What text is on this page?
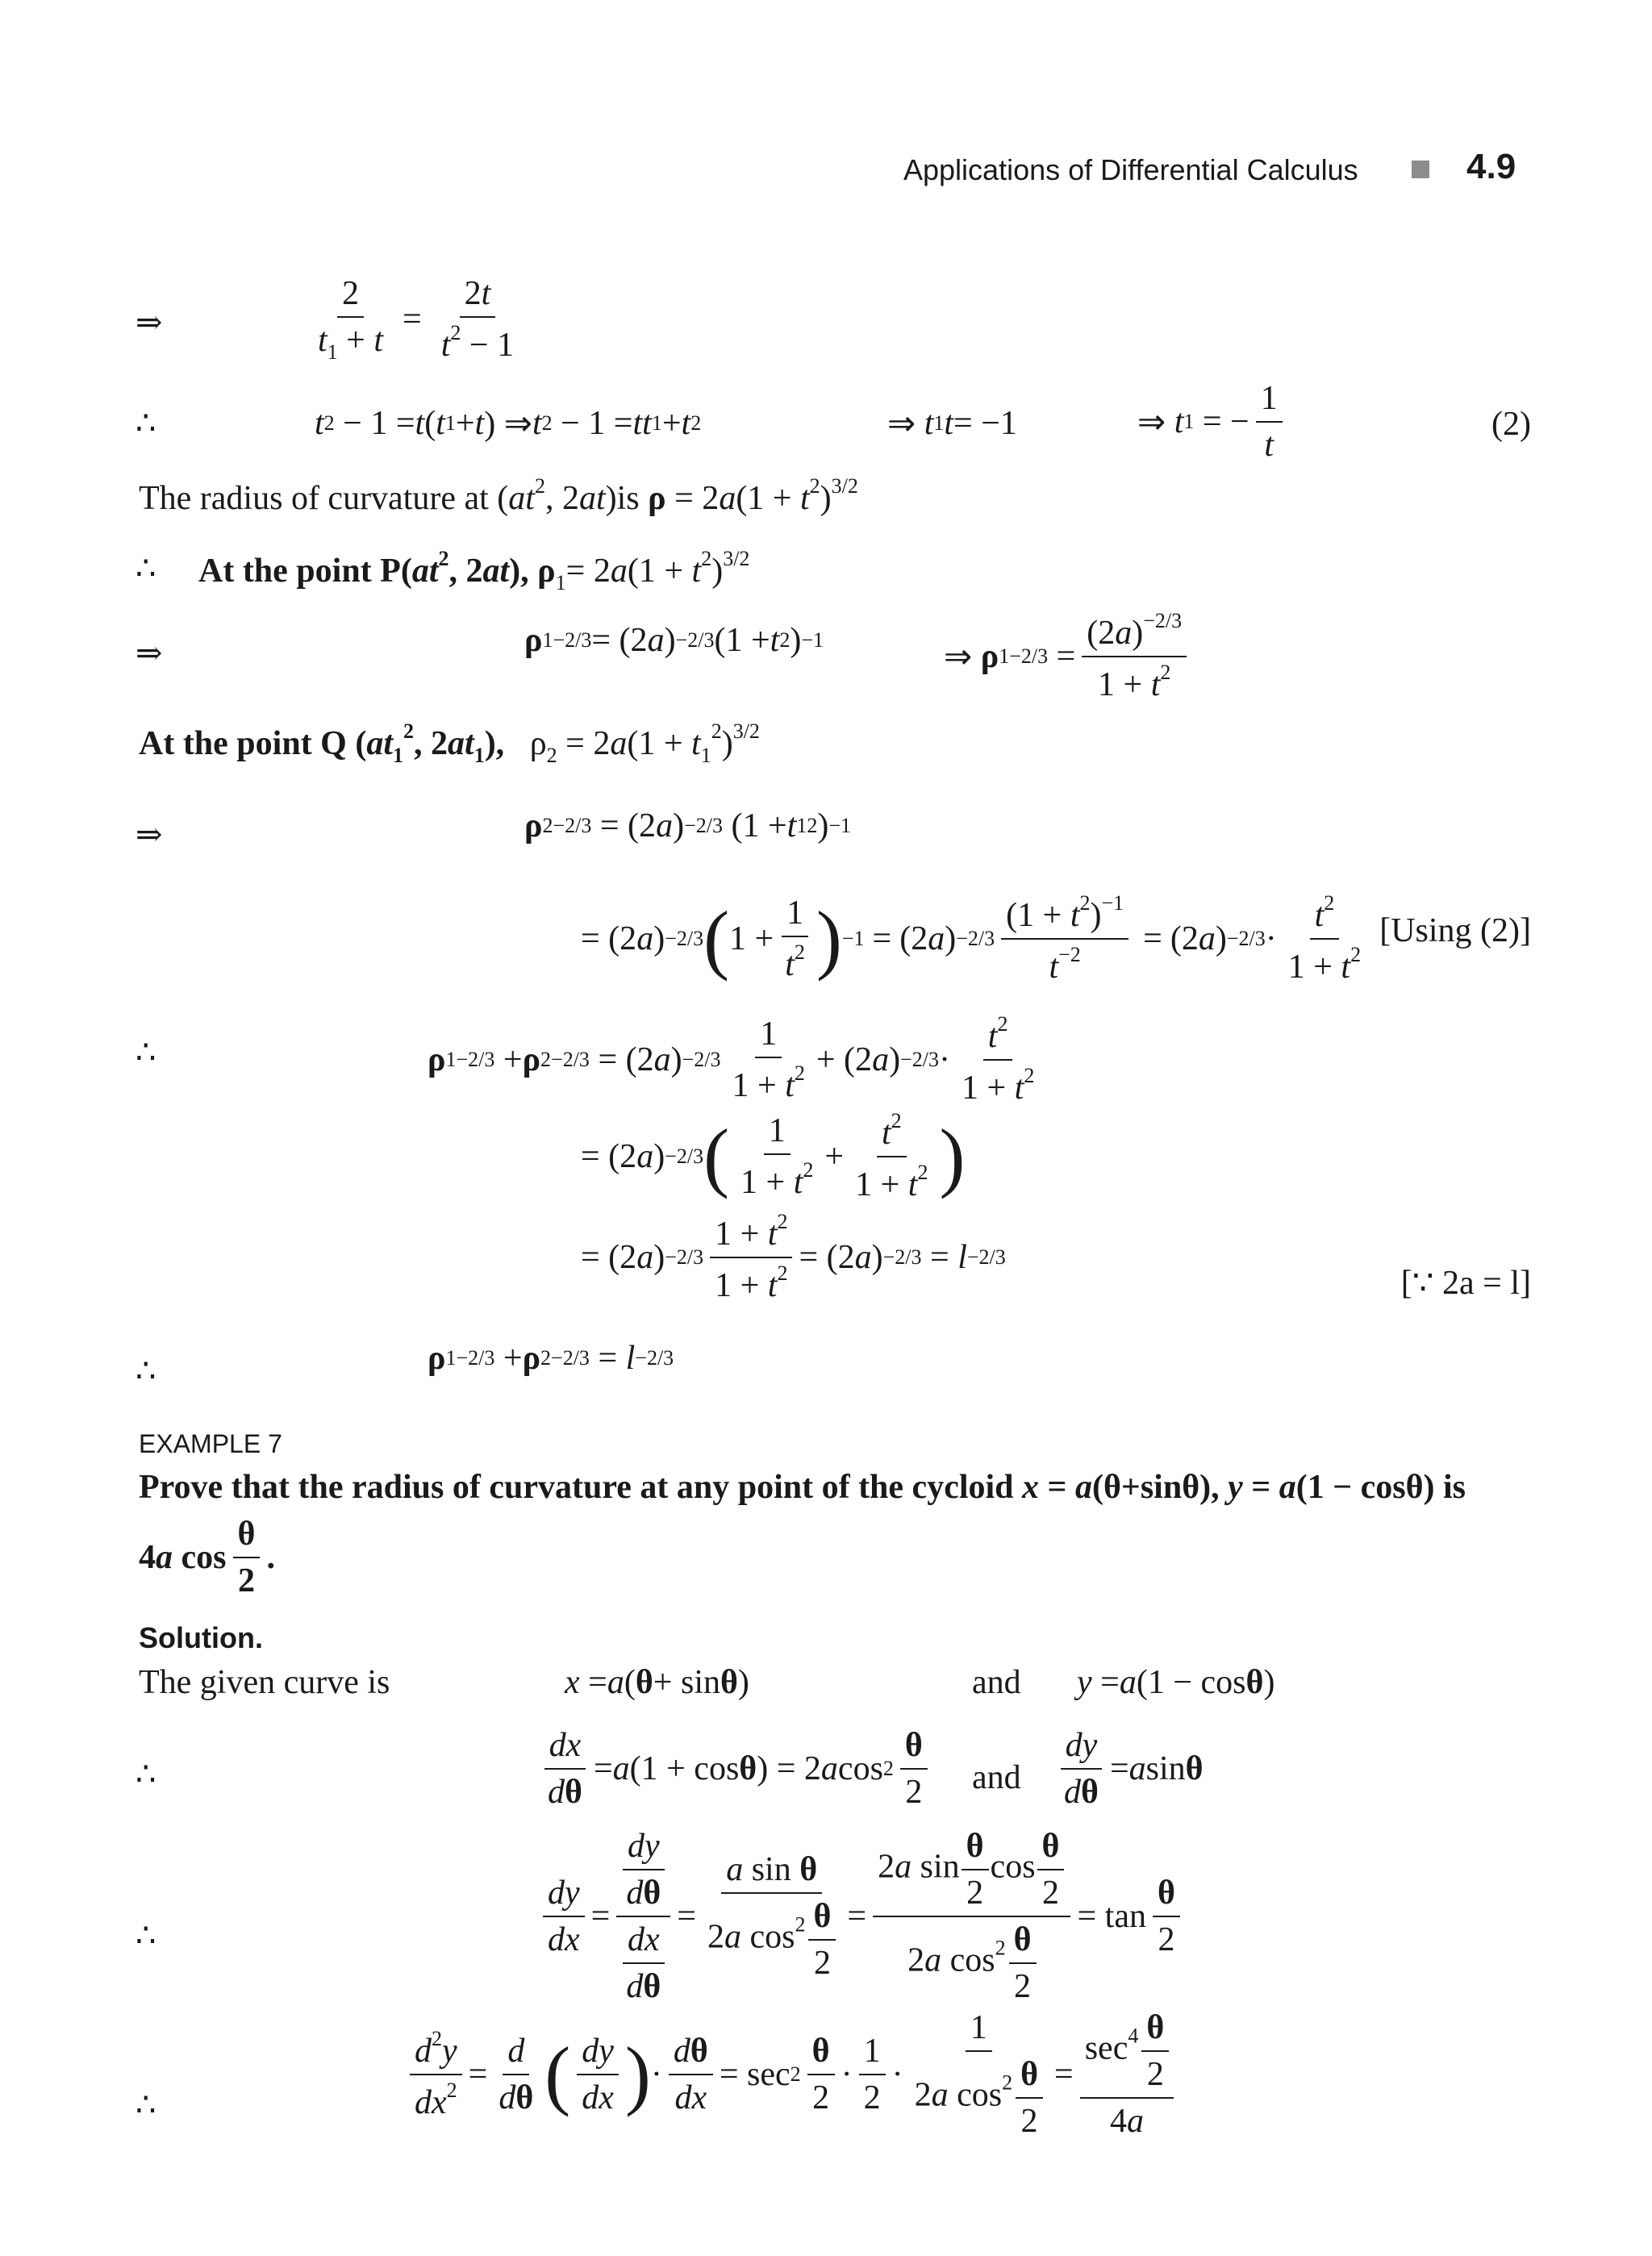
Applications of Differential Calculus	4.9
⇒	$\frac{2}{t_1 + t} = \frac{2t}{t^2 - 1}$
∴	t 2 − 1 = t ( t 1 + t ) ⇒ t 2 − 1 = tt 1 + t 2	⇒ t 1 t = −1	⇒ t 1 = − $\frac{1}{t}$	(2)
The radius of curvature at ($at^2$, 2at)is $\rho = 2a(1 + t^2)^{3/2}$
∴ At the point $P(at^2$, 2at), $\rho_1= 2a(1 + t^2)^{3/2}$
⇒	ρ 1 −2/3 = (2 a ) −2/3 (1 + t 2 ) −1	⇒ ρ $1 -2/3 = \frac{(2a)^{-2/3}}{1 + t^2}$
At the point Q ($at_1^2$, $2at_1$),   $\rho_2 = 2a(1 + t_1^2)^{3/2}$
⇒	ρ 2 −2/3 = (2 a ) −2/3 (1 + t 1 2 ) −1
= (2 a ) −2/3 ( $1 + \frac{1}{t^2}$ ) −1 = (2 a ) $-2/3 \frac{(1 + t^2)^{-1}}{t^{-2}} = (2$ a ) $-2/3 \cdot \frac{t^2}{1 + t^2} [Using$ (2)]
∴	ρ 1 −2/3 + ρ 2 −2/3 = (2 a ) $-2/3 \frac{1}{1 + t^2} + (2$ a ) $-2/3 \cdot \frac{t^2}{1 + t^2}$
= (2 a ) −2/3 ( $\frac{1}{1 + t^2} + \frac{t^2}{1 + t^2}$ )
= (2 a ) $-2/3 \frac{1 + t^2}{1 + t^2} = (2$ a ) −2/3 = l −2/3
[∵ 2a = l]
∴	ρ 1 −2/3 + ρ 2 −2/3 = l −2/3
EXAMPLE 7
Prove that the radius of curvature at any point of the cycloid x = a(θ+sinθ), y = a(1 − cosθ) is
4 a $\cos \frac{\theta}{2}$ .
Solution.
The given curve is	x = a ( θ + sin θ )	and y = a (1 − cos θ )
∴	$\frac{dx}{d\theta} = a$ (1 + cos θ ) = 2 a $\cos 2 \frac{\theta}{2}$ and $\frac{dy}{d\theta} = a$ sin θ
∴	$\frac{dy}{dx} = \frac{\frac{dy}{d\theta}}{\frac{dx}{d\theta}} = \frac{\text{a sin θ}}{2a \cos^2 \frac{\theta}{2}} = \frac{2a \sin \frac{\theta}{2} \cos \frac{\theta}{2}}{2a \cos^2 \frac{\theta}{2}} = \tan \frac{\theta}{2}$
∴	$\frac{d^2y}{dx^2} = \frac{d}{d\theta}$ ( $\frac{dy}{dx}$ ) · $\frac{d\theta}{dx} = \sec 2 \frac{\theta}{2} \cdot \frac{1}{2} \cdot \frac{1}{2a \cos^2 \frac{\theta}{2}} = \frac{\sec^4 \frac{\theta}{2}}{4a}$
